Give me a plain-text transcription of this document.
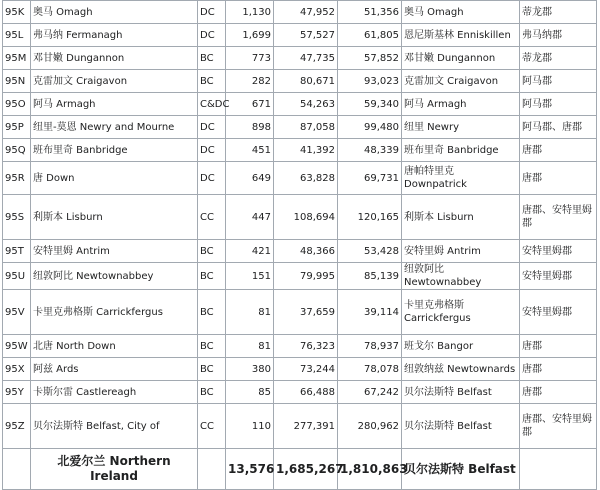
95K	奥马 Omagh	DC	1,130	47,952	51,356	奥马 Omagh	蒂龙郡
95L	弗马纳 Fermanagh	DC	1,699	57,527	61,805	恩尼斯基林 Enniskillen	弗马纳郡
95M	邓甘嫩 Dungannon	BC	773	47,735	57,852	邓甘嫩 Dungannon	蒂龙郡
95N	克雷加文 Craigavon	BC	282	80,671	93,023	克雷加文 Craigavon	阿马郡
95O	阿马 Armagh	C&DC	671	54,263	59,340	阿马 Armagh	阿马郡
95P	纽里-莫恩 Newry and Mourne	DC	898	87,058	99,480	纽里 Newry	阿马郡、唐郡
95Q	班布里奇 Banbridge	DC	451	41,392	48,339	班布里奇 Banbridge	唐郡
95R	唐 Down	DC	649	63,828	69,731	唐帕特里克 Downpatrick	唐郡
95S	利斯本 Lisburn	CC	447	108,694	120,165	利斯本 Lisburn	唐郡、安特里姆郡
95T	安特里姆 Antrim	BC	421	48,366	53,428	安特里姆 Antrim	安特里姆郡
95U	纽敦阿比 Newtownabbey	BC	151	79,995	85,139	纽敦阿比 Newtownabbey	安特里姆郡
95V	卡里克弗格斯 Carrickfergus	BC	81	37,659	39,114	卡里克弗格斯 Carrickfergus	安特里姆郡
95W	北唐 North Down	BC	81	76,323	78,937	班戈尔 Bangor	唐郡
95X	阿兹 Ards	BC	380	73,244	78,078	纽敦纳兹 Newtownards	唐郡
95Y	卡斯尔雷 Castlereagh	BC	85	66,488	67,242	贝尔法斯特 Belfast	唐郡
95Z	贝尔法斯特 Belfast, City of	CC	110	277,391	280,962	贝尔法斯特 Belfast	唐郡、安特里姆郡
	北爱尔兰 Northern Ireland		13,576	1,685,267	1,810,863	贝尔法斯特 Belfast	
